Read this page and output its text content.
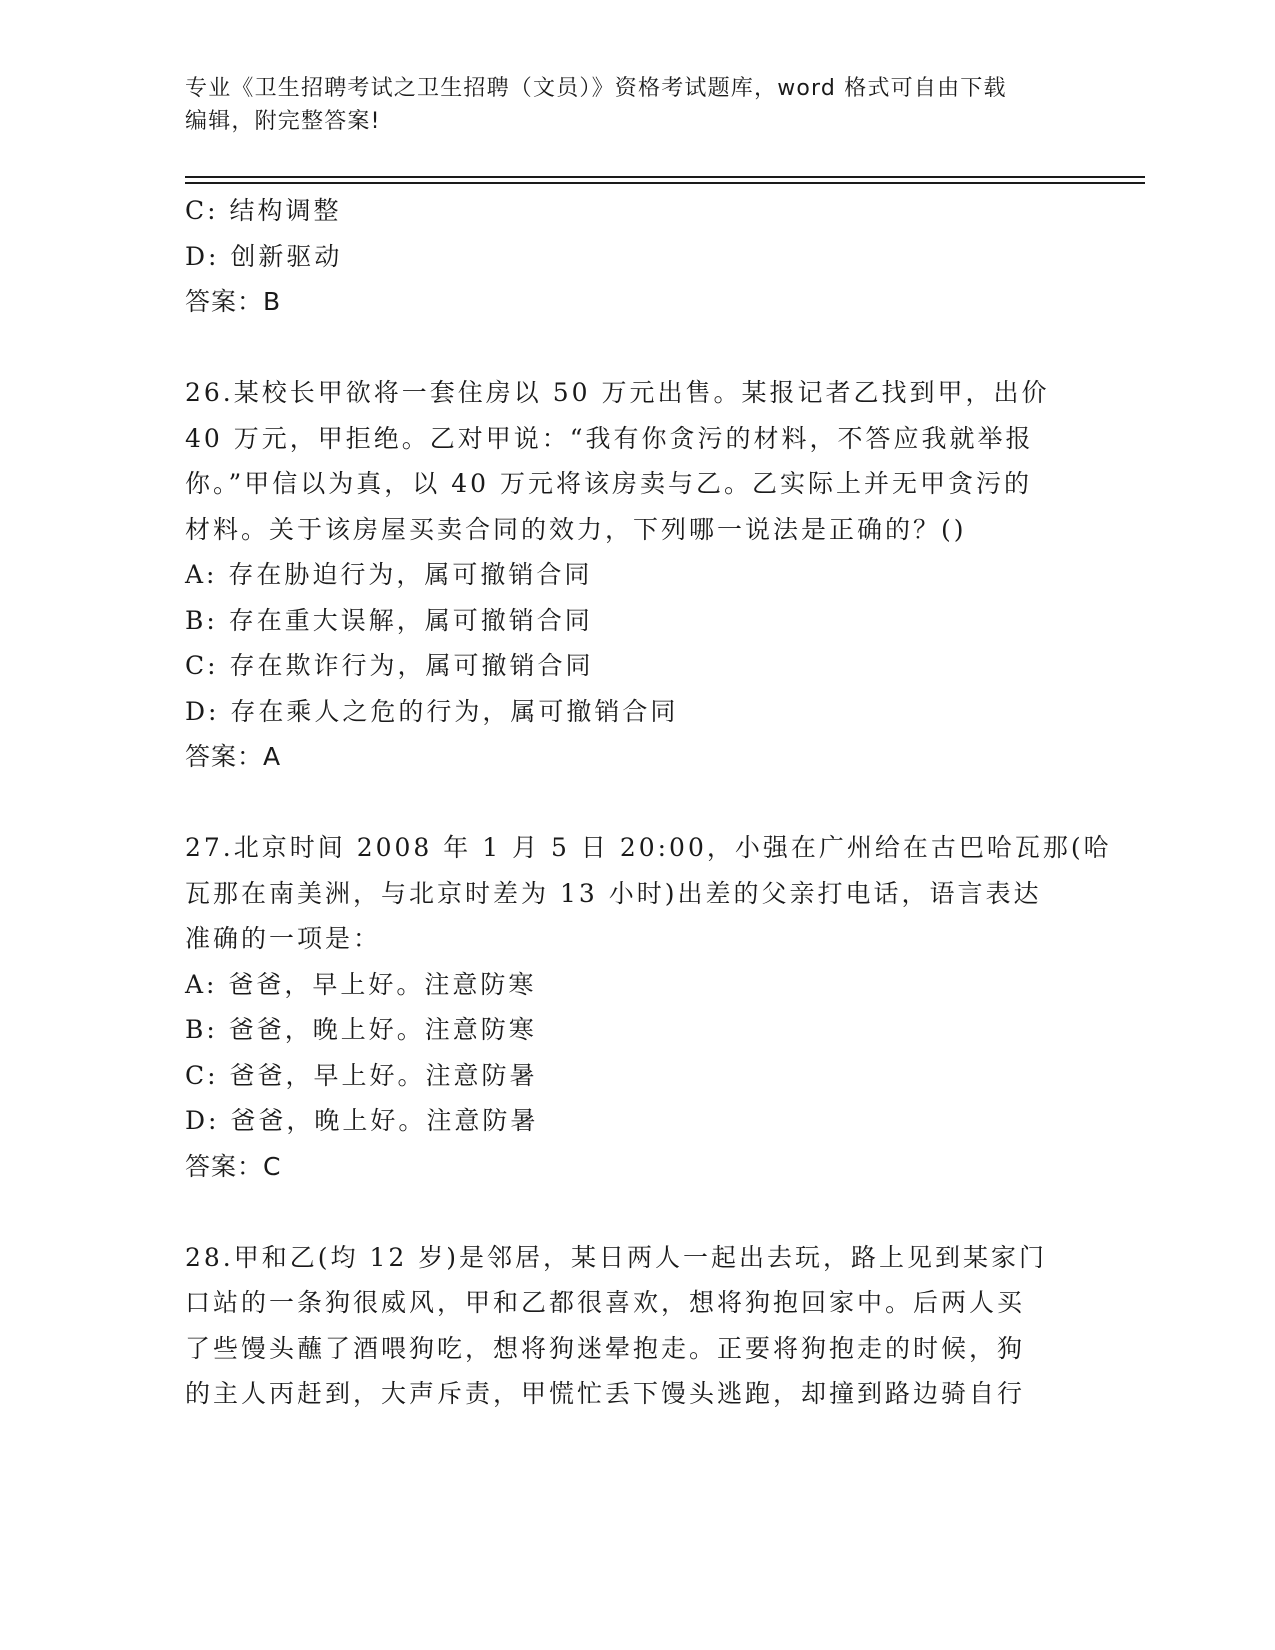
专业《卫生招聘考试之卫生招聘（文员）》资格考试题库，word 格式可自由下载
编辑，附完整答案!
C: 结构调整
D: 创新驱动
答案：B
26.某校长甲欲将一套住房以 50 万元出售。某报记者乙找到甲，出价
40 万元，甲拒绝。乙对甲说：“我有你贪污的材料，不答应我就举报
你。”甲信以为真，以 40 万元将该房卖与乙。乙实际上并无甲贪污的
材料。关于该房屋买卖合同的效力，下列哪一说法是正确的？()
A: 存在胁迫行为，属可撤销合同
B: 存在重大误解，属可撤销合同
C: 存在欺诈行为，属可撤销合同
D: 存在乘人之危的行为，属可撤销合同
答案：A
27.北京时间 2008 年 1 月 5 日 20:00，小强在广州给在古巴哈瓦那(哈
瓦那在南美洲，与北京时差为 13 小时)出差的父亲打电话，语言表达
准确的一项是：
A: 爸爸，早上好。注意防寒
B: 爸爸，晚上好。注意防寒
C: 爸爸，早上好。注意防暑
D: 爸爸，晚上好。注意防暑
答案：C
28.甲和乙(均 12 岁)是邻居，某日两人一起出去玩，路上见到某家门
口站的一条狗很威风，甲和乙都很喜欢，想将狗抱回家中。后两人买
了些馒头蘸了酒喂狗吃，想将狗迷晕抱走。正要将狗抱走的时候，狗
的主人丙赶到，大声斥责，甲慌忙丢下馒头逃跑，却撞到路边骑自行
